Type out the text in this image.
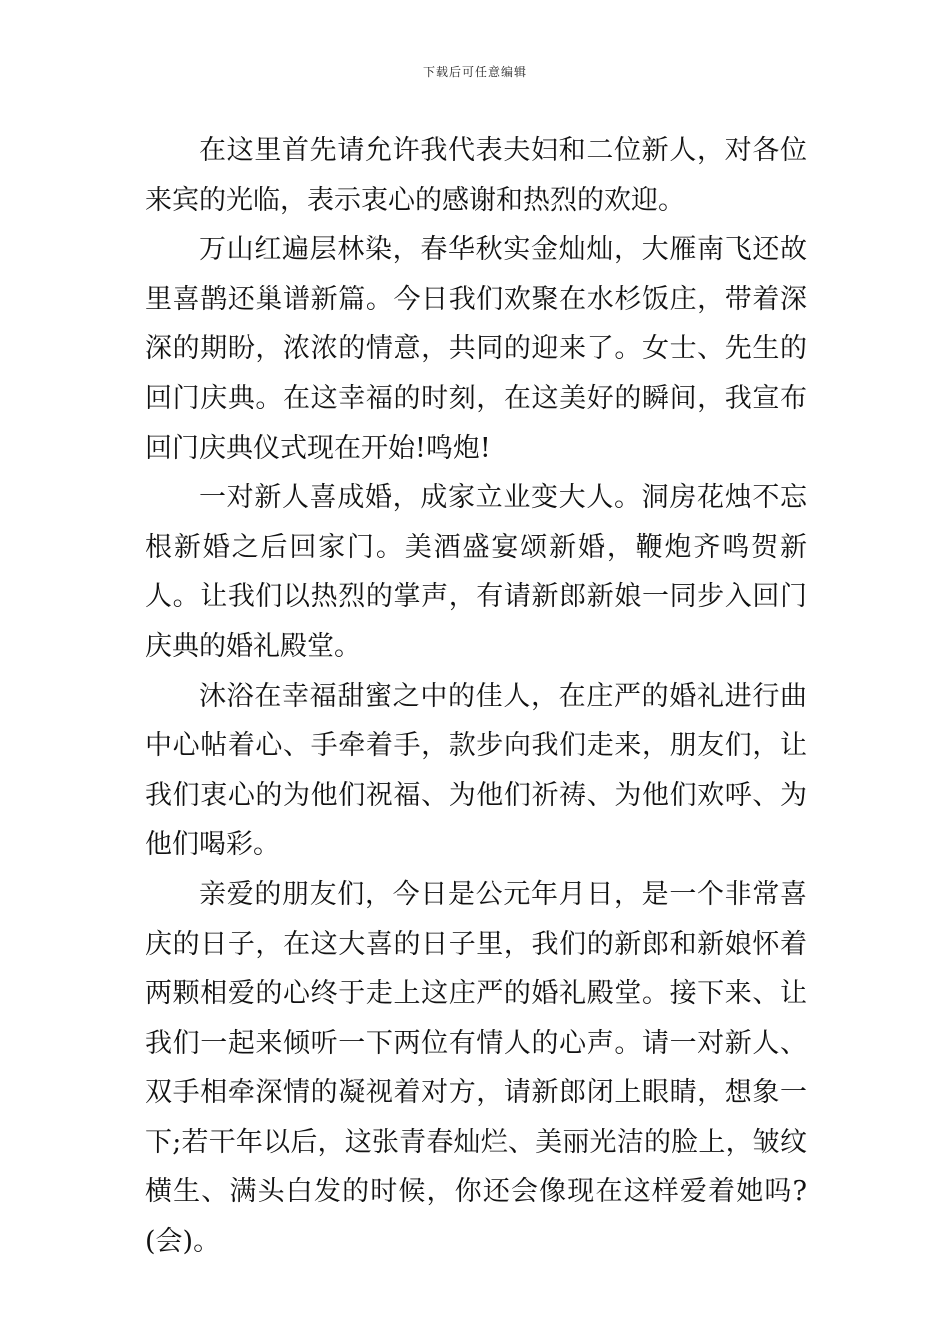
下载后可任意编辑

在这里首先请允许我代表夫妇和二位新人，对各位来宾的光临，表示衷心的感谢和热烈的欢迎。

万山红遍层林染，春华秋实金灿灿，大雁南飞还故里喜鹊还巢谱新篇。今日我们欢聚在水杉饭庄，带着深深的期盼，浓浓的情意，共同的迎来了。女士、先生的回门庆典。在这幸福的时刻，在这美好的瞬间，我宣布回门庆典仪式现在开始!鸣炮!

一对新人喜成婚，成家立业变大人。洞房花烛不忘根新婚之后回家门。美酒盛宴颂新婚，鞭炮齐鸣贺新人。让我们以热烈的掌声，有请新郎新娘一同步入回门庆典的婚礼殿堂。

沐浴在幸福甜蜜之中的佳人，在庄严的婚礼进行曲中心帖着心、手牵着手，款步向我们走来，朋友们，让我们衷心的为他们祝福、为他们祈祷、为他们欢呼、为他们喝彩。

亲爱的朋友们，今日是公元年月日，是一个非常喜庆的日子，在这大喜的日子里，我们的新郎和新娘怀着两颗相爱的心终于走上这庄严的婚礼殿堂。接下来、让我们一起来倾听一下两位有情人的心声。请一对新人、双手相牵深情的凝视着对方，请新郎闭上眼睛，想象一下;若干年以后，这张青春灿烂、美丽光洁的脸上，皱纹横生、满头白发的时候，你还会像现在这样爱着她吗?(会)。
